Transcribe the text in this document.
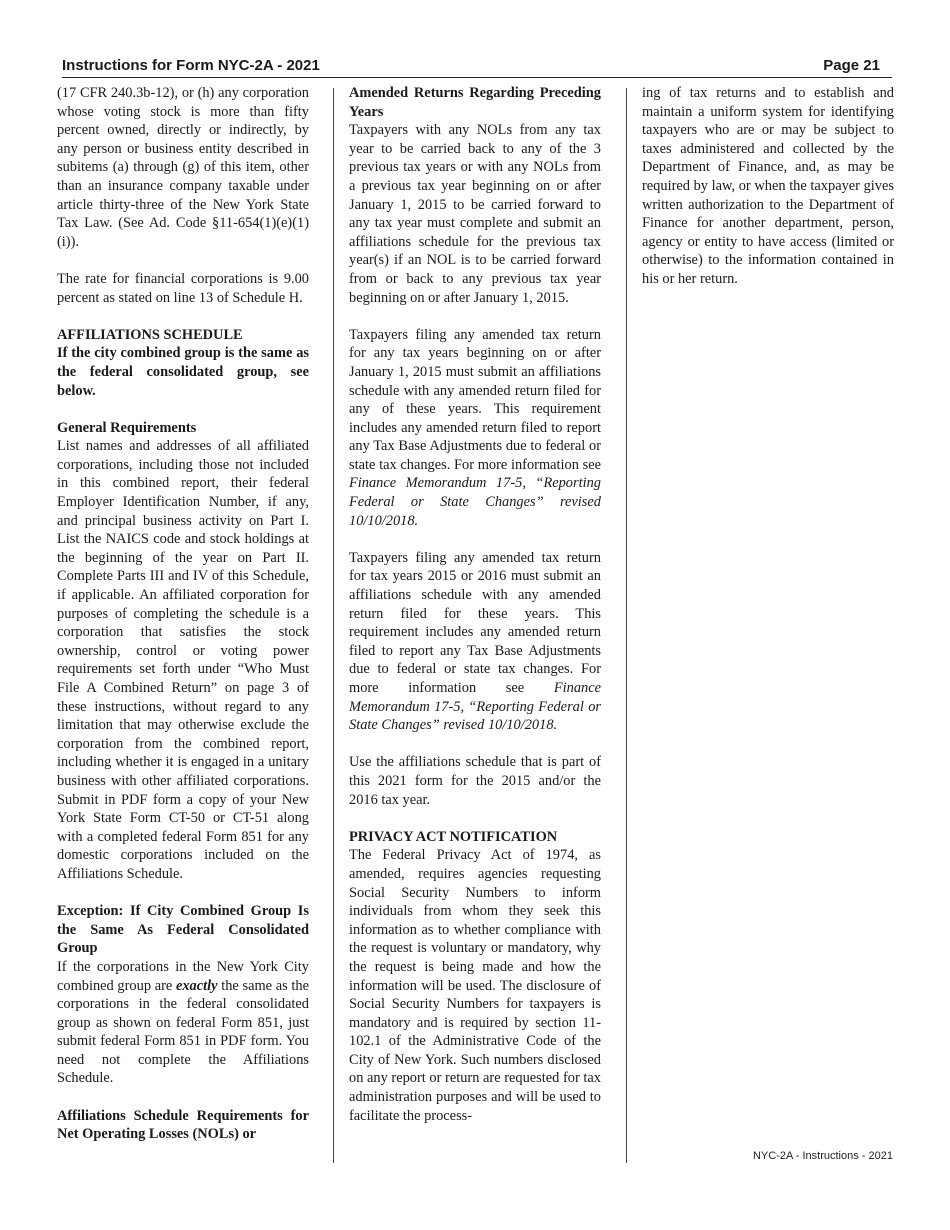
Instructions for Form NYC-2A - 2021	Page 21

(17 CFR 240.3b-12), or (h) any corporation whose voting stock is more than fifty percent owned, directly or indirectly, by any person or business entity described in subitems (a) through (g) of this item, other than an insurance company taxable under article thirty-three of the New York State Tax Law. (See Ad. Code §11-654(1)(e)(1)(i)).

The rate for financial corporations is 9.00 percent as stated on line 13 of Schedule H.

AFFILIATIONS SCHEDULE
If the city combined group is the same as the federal consolidated group, see below.
General Requirements

List names and addresses of all affiliated corporations, including those not included in this combined report, their federal Employer Identification Number, if any, and principal business activity on Part I. List the NAICS code and stock holdings at the beginning of the year on Part II. Complete Parts III and IV of this Schedule, if applicable. An affiliated corporation for purposes of completing the schedule is a corporation that satisfies the stock ownership, control or voting power requirements set forth under “Who Must File A Combined Return” on page 3 of these instructions, without regard to any limitation that may otherwise exclude the corporation from the combined report, including whether it is engaged in a unitary business with other affiliated corporations. Submit in PDF form a copy of your New York State Form CT-50 or CT-51 along with a completed federal Form 851 for any domestic corporations included on the Affiliations Schedule.

Exception: If City Combined Group Is the Same As Federal Consolidated Group

If the corporations in the New York City combined group are exactly the same as the corporations in the federal consolidated group as shown on federal Form 851, just submit federal Form 851 in PDF form. You need not complete the Affiliations Schedule.

Affiliations Schedule Requirements for Net Operating Losses (NOLs) or
Amended Returns Regarding Preceding Years

Taxpayers with any NOLs from any tax year to be carried back to any of the 3 previous tax years or with any NOLs from a previous tax year beginning on or after January 1, 2015 to be carried forward to any tax year must complete and submit an affiliations schedule for the previous tax year(s) if an NOL is to be carried forward from or back to any previous tax year beginning on or after January 1, 2015.

Taxpayers filing any amended tax return for any tax years beginning on or after January 1, 2015 must submit an affiliations schedule with any amended return filed for any of these years. This requirement includes any amended return filed to report any Tax Base Adjustments due to federal or state tax changes. For more information see Finance Memorandum 17-5, “Reporting Federal or State Changes” revised 10/10/2018.

Taxpayers filing any amended tax return for tax years 2015 or 2016 must submit an affiliations schedule with any amended return filed for these years. This requirement includes any amended return filed to report any Tax Base Adjustments due to federal or state tax changes. For more information see Finance Memorandum 17-5, “Reporting Federal or State Changes” revised 10/10/2018.

Use the affiliations schedule that is part of this 2021 form for the 2015 and/or the 2016 tax year.

PRIVACY ACT NOTIFICATION

The Federal Privacy Act of 1974, as amended, requires agencies requesting Social Security Numbers to inform individuals from whom they seek this information as to whether compliance with the request is voluntary or mandatory, why the request is being made and how the information will be used. The disclosure of Social Security Numbers for taxpayers is mandatory and is required by section 11-102.1 of the Administrative Code of the City of New York. Such numbers disclosed on any report or return are requested for tax administration purposes and will be used to facilitate the process-

ing of tax returns and to establish and maintain a uniform system for identifying taxpayers who are or may be subject to taxes administered and collected by the Department of Finance, and, as may be required by law, or when the taxpayer gives written authorization to the Department of Finance for another department, person, agency or entity to have access (limited or otherwise) to the information contained in his or her return.

NYC-2A - Instructions - 2021
